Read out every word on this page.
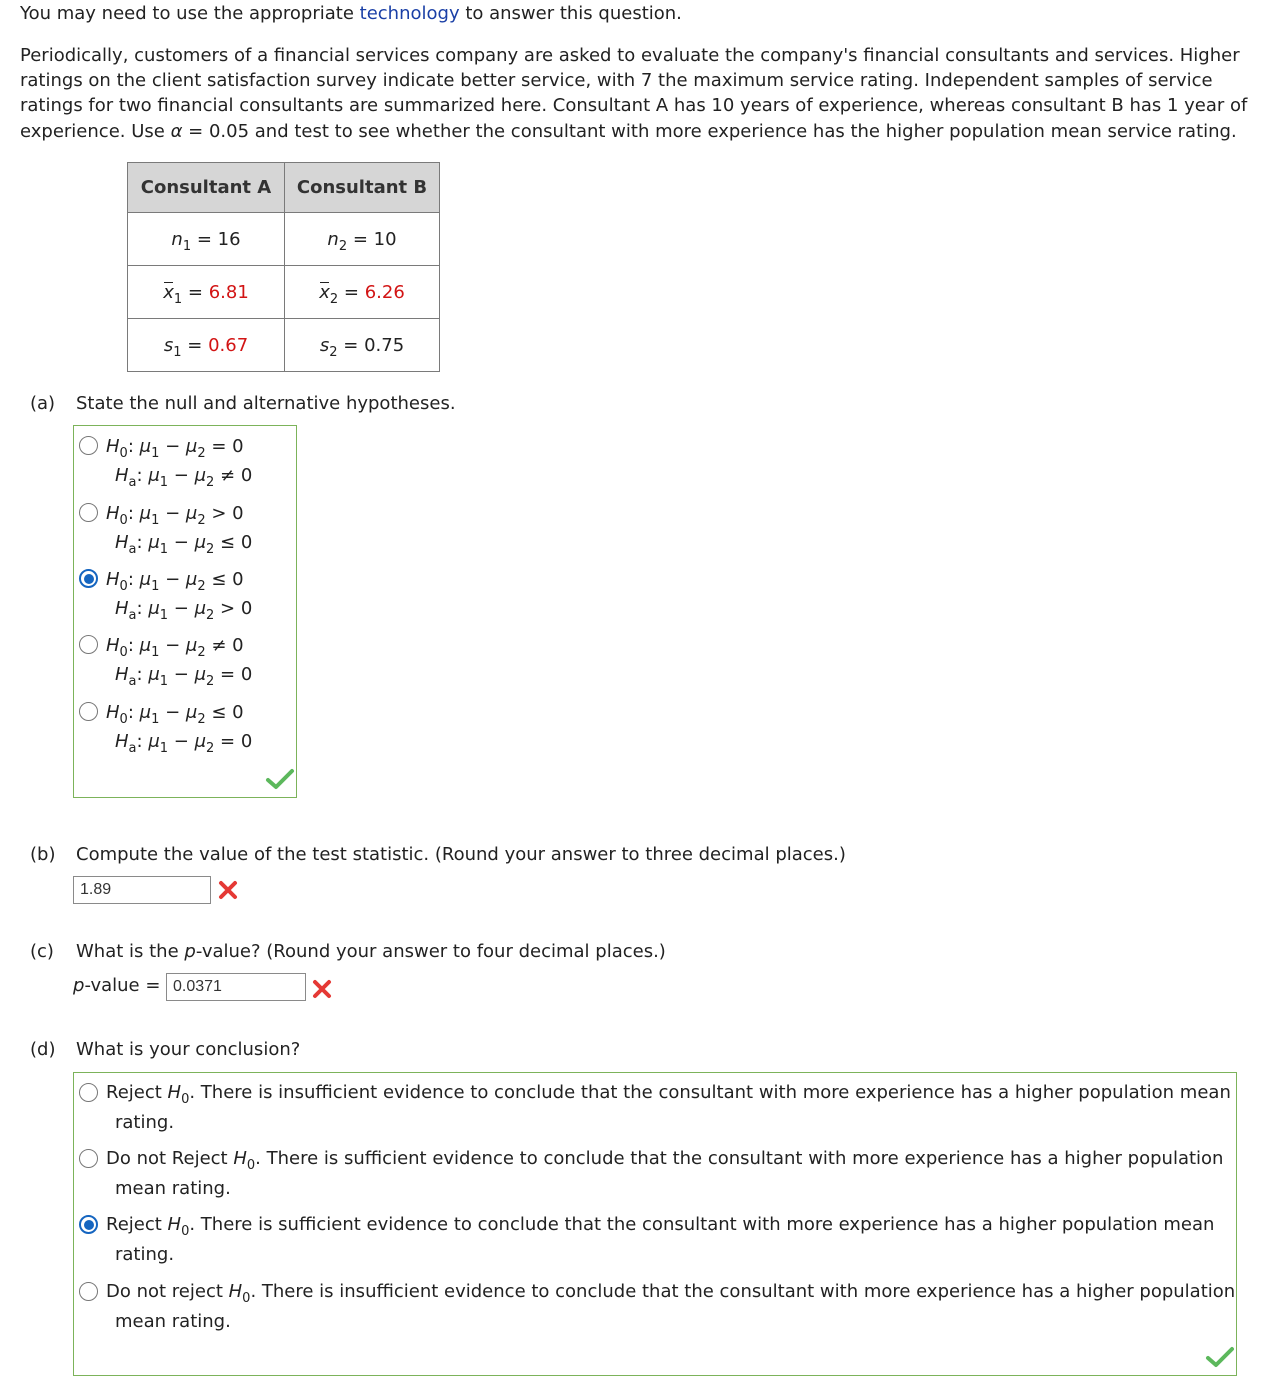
You may need to use the appropriate technology to answer this question.
Periodically, customers of a financial services company are asked to evaluate the company's financial consultants and services. Higher
ratings on the client satisfaction survey indicate better service, with 7 the maximum service rating. Independent samples of service
ratings for two financial consultants are summarized here. Consultant A has 10 years of experience, whereas consultant B has 1 year of
experience. Use α = 0.05 and test to see whether the consultant with more experience has the higher population mean service rating.
Consultant A	Consultant B
$n_1 = 16$	$n_2 = 10$
$x_1 = 6.81$	$x_2 = 6.26$
$s_1 = 0.67$	$s_2 = 0.75$
(a) State the null and alternative hypotheses.
$H_0$: $\mu_1 - \mu_2 = 0$
$H_a$: $\mu_1 - \mu_2 \ne 0$
$H_0$: $\mu_1 - \mu_2 > 0$
$H_a$: $\mu_1 - \mu_2 \le 0$
$H_0$: $\mu_1 - \mu_2 \le 0$
$H_a$: $\mu_1 - \mu_2 > 0$
$H_0$: $\mu_1 - \mu_2 \ne 0$
$H_a$: $\mu_1 - \mu_2 = 0$
$H_0$: $\mu_1 - \mu_2 \le 0$
$H_a$: $\mu_1 - \mu_2 = 0$
(b) Compute the value of the test statistic. (Round your answer to three decimal places.)
1.89
(c) What is the p-value? (Round your answer to four decimal places.)
p-value = 0.0371
(d) What is your conclusion?
Reject $H_0$. There is insufficient evidence to conclude that the consultant with more experience has a higher population mean rating.
Do not Reject $H_0$. There is sufficient evidence to conclude that the consultant with more experience has a higher population mean rating.
Reject $H_0$. There is sufficient evidence to conclude that the consultant with more experience has a higher population mean rating.
Do not reject $H_0$. There is insufficient evidence to conclude that the consultant with more experience has a higher population mean rating.
